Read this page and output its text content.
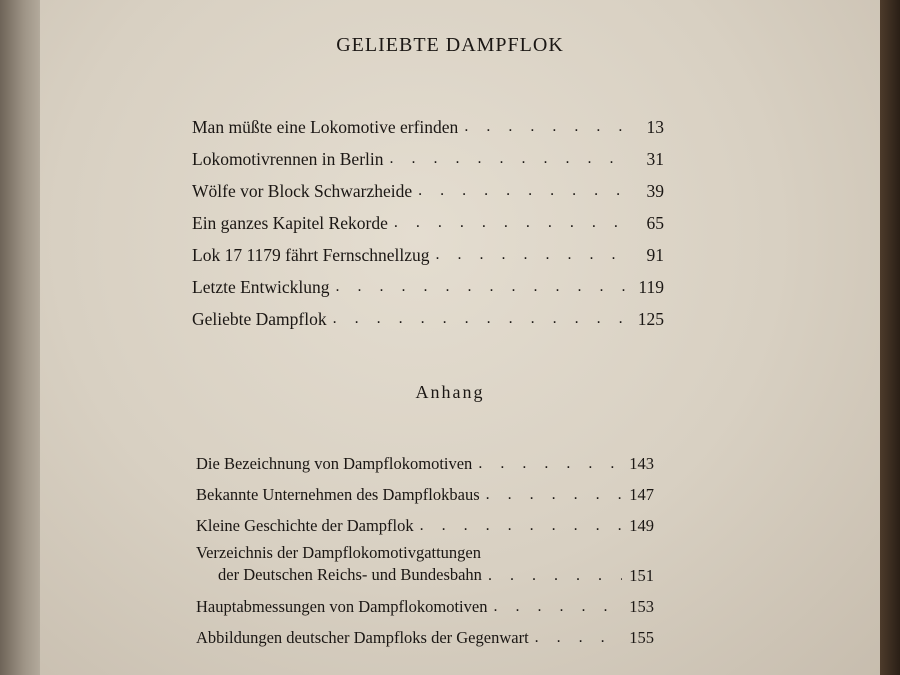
GELIEBTE DAMPFLOK
Man müßte eine Lokomotive erfinden . . .	13
Lokomotivrennen in Berlin . . .	31
Wölfe vor Block Schwarzheide . . .	39
Ein ganzes Kapitel Rekorde . . .	65
Lok 17 1179 fährt Fernschnellzug . . .	91
Letzte Entwicklung . . .	119
Geliebte Dampflok . . .	125
Anhang
Die Bezeichnung von Dampflokomotiven . . .	143
Bekannte Unternehmen des Dampflokbaus . . .	147
Kleine Geschichte der Dampflok . . .	149
Verzeichnis der Dampflokomotivgattungen
der Deutschen Reichs- und Bundesbahn . . .	151
Hauptabmessungen von Dampflokomotiven . . .	153
Abbildungen deutscher Dampfloks der Gegenwart . . .	155
